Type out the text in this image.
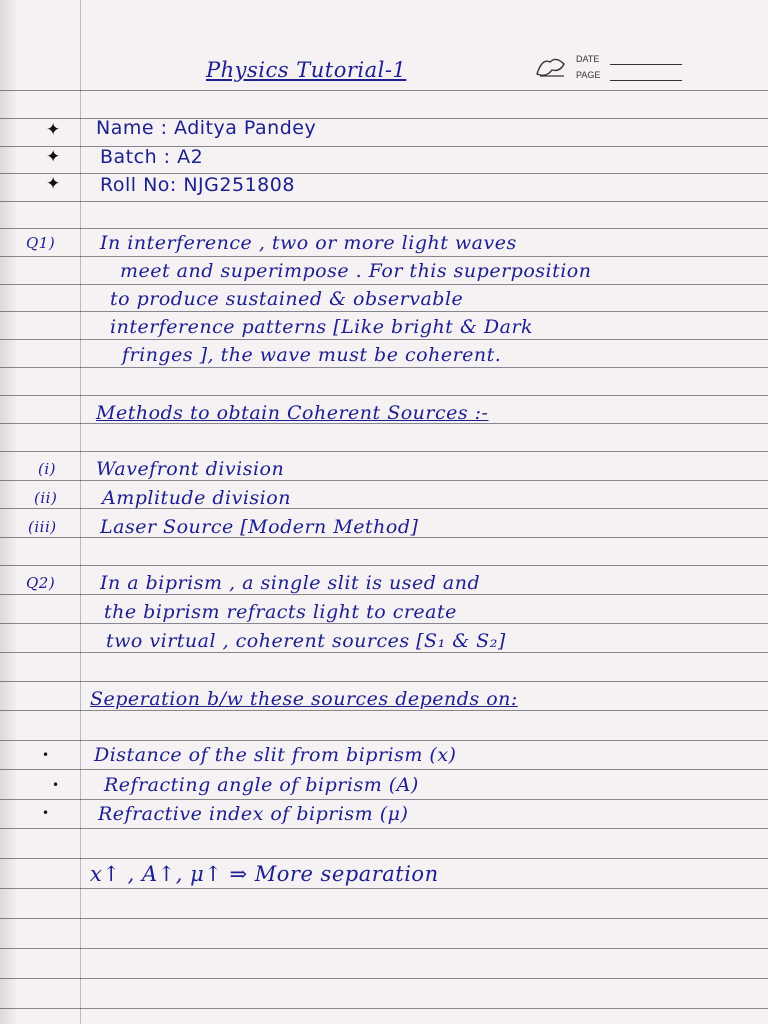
DATE
PAGE
Physics Tutorial-1
✦
✦
✦
Name : Aditya Pandey
Batch : A2
Roll No: NJG251808
Q1) In interference , two or more light waves
meet and superimpose . For this superposition
to produce sustained & observable
interference patterns [Like bright & Dark
fringes ], the wave must be coherent.
Methods to obtain Coherent Sources :-
(i) Wavefront division
(ii) Amplitude division
(iii) Laser Source [Modern Method]
Q2) In a biprism , a single slit is used and
the biprism refracts light to create
two virtual , coherent sources [S₁ & S₂]
Seperation b/w these sources depends on:
•
•
•
Distance of the slit from biprism (x)
Refracting angle of biprism (A)
Refractive index of biprism (μ)
x↑ , A↑, μ↑ ⇒ More separation
